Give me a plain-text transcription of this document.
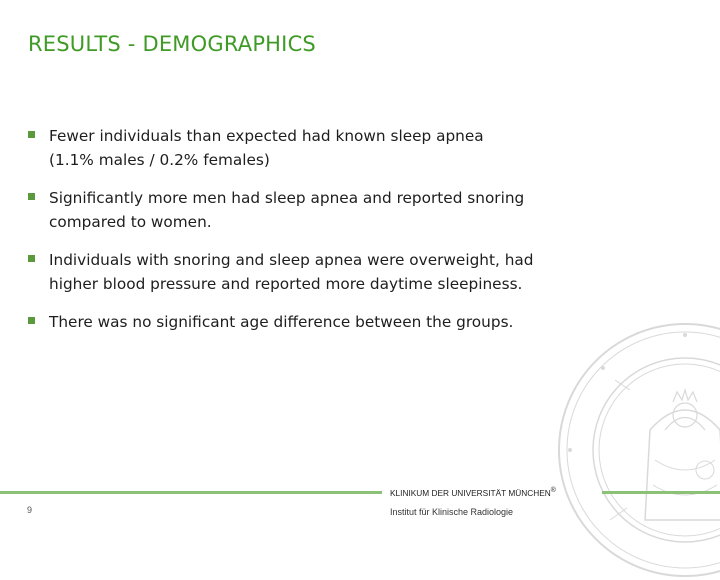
RESULTS - DEMOGRAPHICS
Fewer individuals than expected had known sleep apnea
(1.1% males / 0.2% females)
Significantly more men had sleep apnea and reported snoring
compared to women.
Individuals with snoring and sleep apnea were overweight, had
higher blood pressure and reported more daytime sleepiness.
There was no significant age difference between the groups.
KLINIKUM DER UNIVERSITÄT MÜNCHEN®
Institut für Klinische Radiologie
9
